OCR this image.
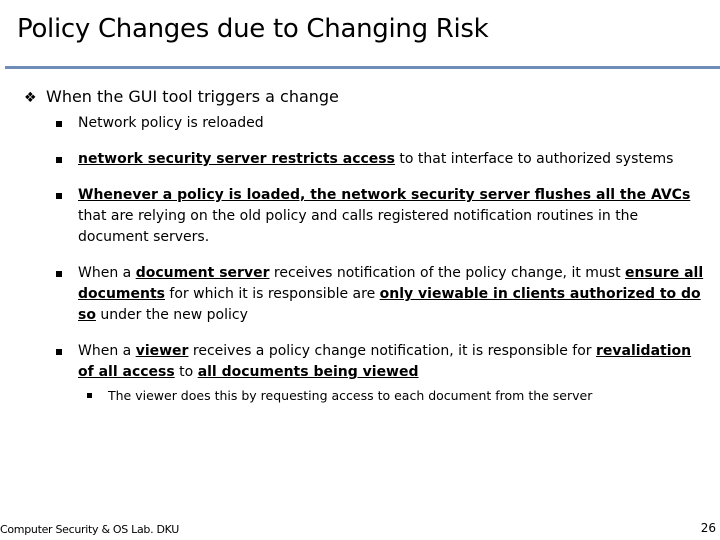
Policy Changes due to Changing Risk
❖ When the GUI tool triggers a change
Network policy is reloaded
network security server restricts access to that interface to authorized systems
Whenever a policy is loaded, the network security server flushes all the AVCs that are relying on the old policy and calls registered notification routines in the document servers.
When a document server receives notification of the policy change, it must ensure all documents for which it is responsible are only viewable in clients authorized to do so under the new policy
When a viewer receives a policy change notification, it is responsible for revalidation of all access to all documents being viewed
The viewer does this by requesting access to each document from the server
Computer Security & OS Lab. DKU	26
